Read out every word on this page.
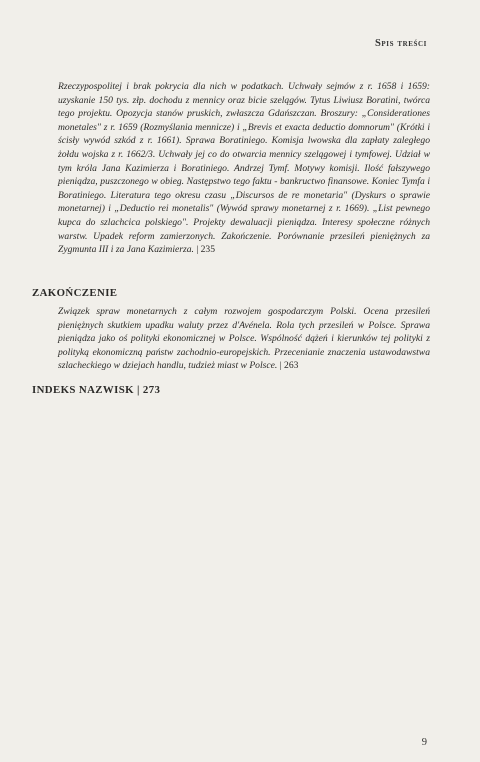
Spis treści
Rzeczypospolitej i brak pokrycia dla nich w podatkach. Uchwały sejmów z r. 1658 i 1659: uzyskanie 150 tys. złp. dochodu z mennicy oraz bicie szelągów. Tytus Liwiusz Boratini, twórca tego projektu. Opozycja stanów pruskich, zwłaszcza Gdańszczan. Broszury: „Considerationes monetales" z r. 1659 (Rozmyślania mennicze) i „Brevis et exacta deductio domnorum" (Krótki i ścisły wywód szkód z r. 1661). Sprawa Boratiniego. Komisja lwowska dla zapłaty zaległego żołdu wojska z r. 1662/3. Uchwały jej co do otwarcia mennicy szelągowej i tymfowej. Udział w tym króla Jana Kazimierza i Boratiniego. Andrzej Tymf. Motywy komisji. Ilość fałszywego pieniądza, puszczonego w obieg. Następstwo tego faktu - bankructwo finansowe. Koniec Tymfa i Boratiniego. Literatura tego okresu czasu „Discursos de re monetaria" (Dyskurs o sprawie monetarnej) i „Deductio rei monetalis" (Wywód sprawy monetarnej z r. 1669). „List pewnego kupca do szlachcica polskiego". Projekty dewaluacji pieniądza. Interesy społeczne różnych warstw. Upadek reform zamierzonych. Zakończenie. Porównanie przesileń pieniężnych za Zygmunta III i za Jana Kazimierza. | 235
ZAKOŃCZENIE
Związek spraw monetarnych z całym rozwojem gospodarczym Polski. Ocena przesileń pieniężnych skutkiem upadku waluty przez d'Avénela. Rola tych przesileń w Polsce. Sprawa pieniądza jako oś polityki ekonomicznej w Polsce. Wspólność dążeń i kierunków tej polityki z polityką ekonomiczną państw zachodnio-europejskich. Przecenianie znaczenia ustawodawstwa szlacheckiego w dziejach handlu, tudzież miast w Polsce. | 263
INDEKS NAZWISK | 273
9
